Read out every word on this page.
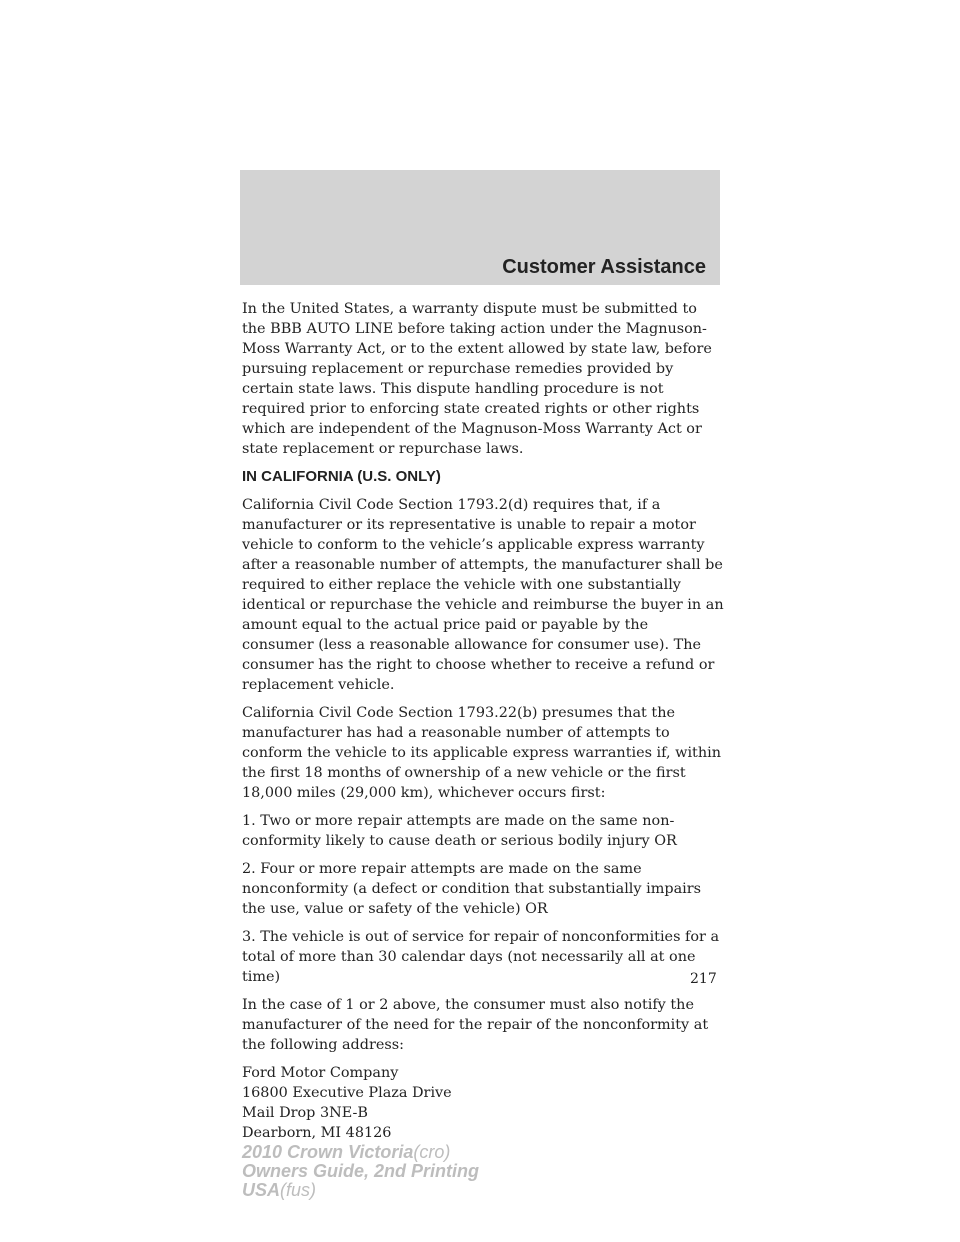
Customer Assistance

In the United States, a warranty dispute must be submitted to the BBB AUTO LINE before taking action under the Magnuson-Moss Warranty Act, or to the extent allowed by state law, before pursuing replacement or repurchase remedies provided by certain state laws. This dispute handling procedure is not required prior to enforcing state created rights or other rights which are independent of the Magnuson-Moss Warranty Act or state replacement or repurchase laws.

IN CALIFORNIA (U.S. ONLY)

California Civil Code Section 1793.2(d) requires that, if a manufacturer or its representative is unable to repair a motor vehicle to conform to the vehicle’s applicable express warranty after a reasonable number of attempts, the manufacturer shall be required to either replace the vehicle with one substantially identical or repurchase the vehicle and reimburse the buyer in an amount equal to the actual price paid or payable by the consumer (less a reasonable allowance for consumer use). The consumer has the right to choose whether to receive a refund or replacement vehicle.

California Civil Code Section 1793.22(b) presumes that the manufacturer has had a reasonable number of attempts to conform the vehicle to its applicable express warranties if, within the first 18 months of ownership of a new vehicle or the first 18,000 miles (29,000 km), whichever occurs first:

1. Two or more repair attempts are made on the same non-conformity likely to cause death or serious bodily injury OR

2. Four or more repair attempts are made on the same nonconformity (a defect or condition that substantially impairs the use, value or safety of the vehicle) OR

3. The vehicle is out of service for repair of nonconformities for a total of more than 30 calendar days (not necessarily all at one time)

In the case of 1 or 2 above, the consumer must also notify the manufacturer of the need for the repair of the nonconformity at the following address:

Ford Motor Company
16800 Executive Plaza Drive
Mail Drop 3NE-B
Dearborn, MI 48126

217
2010 Crown Victoria(cro)
Owners Guide, 2nd Printing
USA(fus)
